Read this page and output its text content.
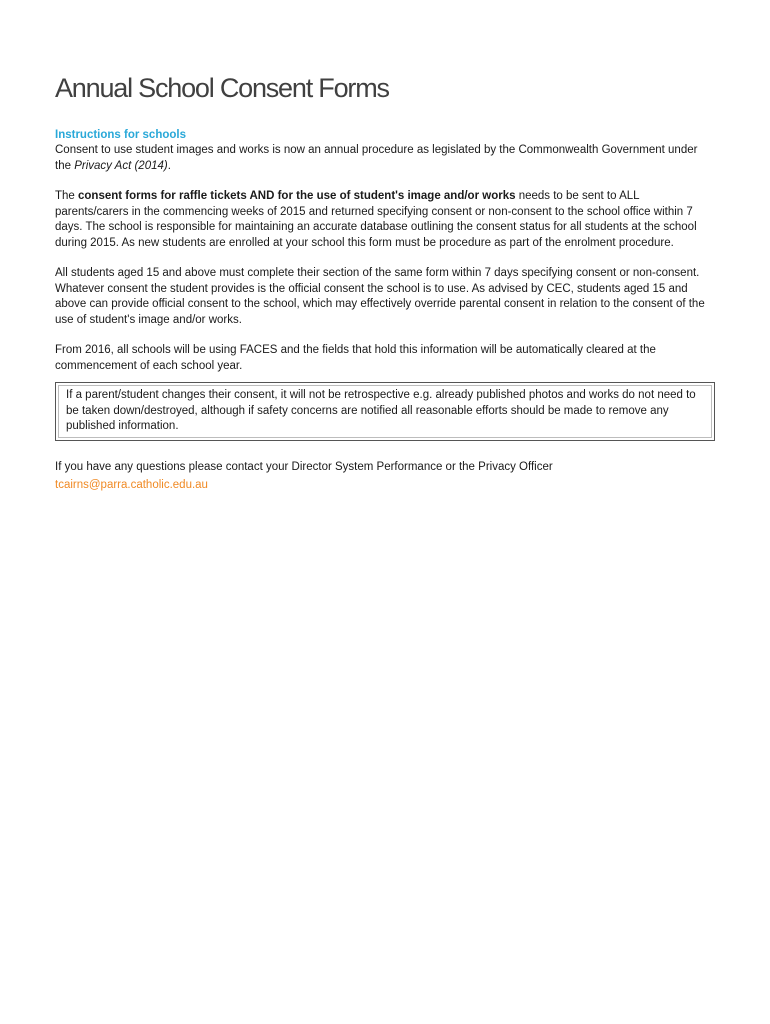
Annual School Consent Forms
Instructions for schools

Consent to use student images and works is now an annual procedure as legislated by the Commonwealth Government under the Privacy Act (2014).

The consent forms for raffle tickets AND for the use of student's image and/or works needs to be sent to ALL parents/carers in the commencing weeks of 2015 and returned specifying consent or non-consent to the school office within 7 days. The school is responsible for maintaining an accurate database outlining the consent status for all students at the school during 2015. As new students are enrolled at your school this form must be procedure as part of the enrolment procedure.

All students aged 15 and above must complete their section of the same form within 7 days specifying consent or non-consent. Whatever consent the student provides is the official consent the school is to use. As advised by CEC, students aged 15 and above can provide official consent to the school, which may effectively override parental consent in relation to the consent of the use of student's image and/or works.

From 2016, all schools will be using FACES and the fields that hold this information will be automatically cleared at the commencement of each school year.

If a parent/student changes their consent, it will not be retrospective e.g. already published photos and works do not need to be taken down/destroyed, although if safety concerns are notified all reasonable efforts should be made to remove any published information.
If you have any questions please contact your Director System Performance or the Privacy Officer
tcairns@parra.catholic.edu.au
